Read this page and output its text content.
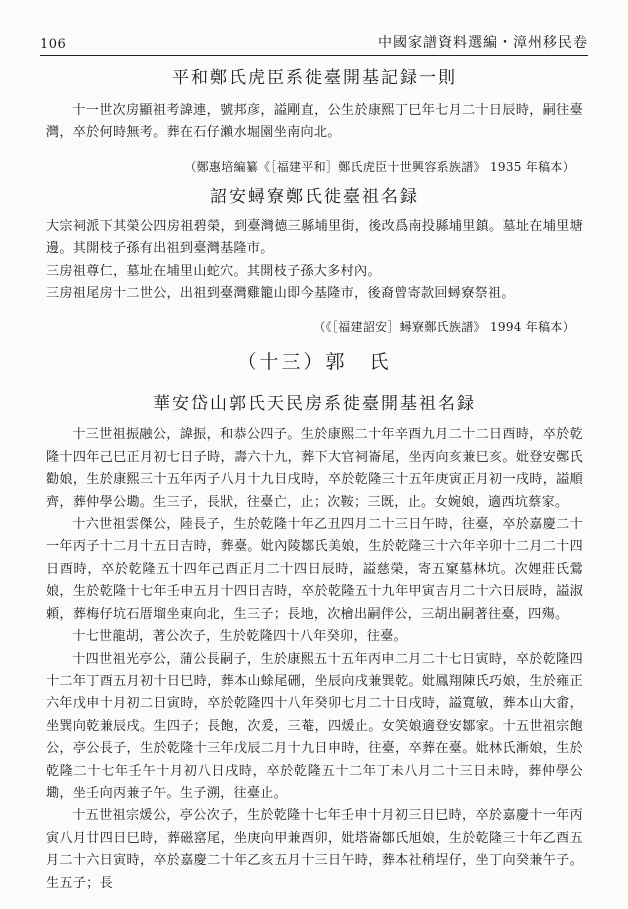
106	中國家譜資料選編・漳州移民卷
平和鄭氏虎臣系徙臺開基記録一則

十一世次房顯祖考諱連，號邦彦，謚剛直，公生於康熙丁巳年七月二十日辰時，嗣往臺灣，卒於何時無考。葬在石仔瀨水堀園坐南向北。

（鄭惠培編纂《［福建平和］鄭氏虎臣十世興容系族譜》 1935 年稿本）
詔安蟳寮鄭氏徙臺祖名録

大宗祠派下其榮公四房祖碧榮，到臺灣德三縣埔里街，後改爲南投縣埔里鎮。墓址在埔里塘邊。其開枝子孫有出祖到臺灣基隆市。

三房祖尊仁，墓址在埔里山蛇穴。其開枝子孫大多村內。

三房祖尾房十二世公，出祖到臺灣雞籠山即今基隆市，後裔曾寄款回蟳寮祭祖。

（《［福建詔安］蟳寮鄭氏族譜》 1994 年稿本）
（十三）郭　氏
華安岱山郭氏天民房系徙臺開基祖名録

十三世祖振融公，諱振，和恭公四子。生於康熙二十年辛酉九月二十二日酉時，卒於乾隆十四年己巳正月初七日子時，壽六十九，葬下大官祠崙尾，坐丙向亥兼巳亥。妣登安鄭氏勸娘，生於康熙三十五年丙子八月十九日戌時，卒於乾隆三十五年庚寅正月初一戌時，謚順齊，葬仲學公墈。生三子，長狀，往臺亡，止；次鞍；三既，止。女婉娘，適西坑蔡家。

十六世祖雲傑公，陸長子，生於乾隆十年乙丑四月二十三日午時，往臺，卒於嘉慶二十一年丙子十二月十五日吉時，葬臺。妣內陵鄒氏美娘，生於乾隆三十六年辛卯十二月二十四日酉時，卒於乾隆五十四年己酉正月二十四日辰時，謚慈榮，寄五窠墓林坑。次娌莊氏鶯娘，生於乾隆十七年壬申五月十四日吉時，卒於乾隆五十九年甲寅吉月二十六日辰時，謚淑頼，葬梅仔坑石厝塯坐東向北，生三子；長地，次檜出嗣伴公，三胡出嗣著往臺，四殤。

十七世龍胡，著公次子，生於乾隆四十八年癸卯，往臺。

十四世祖光亭公，蒲公長嗣子，生於康熙五十五年丙申二月二十七日寅時，卒於乾隆四十二年丁酉五月初十日巳時，葬本山蜍尾硎，坐辰向戌兼巽乾。妣鳳翔陳氏巧娘，生於雍正六年戊申十月初二日寅時，卒於乾隆四十八年癸卯七月二十日戌時，謚寬敏，葬本山大畬，坐巽向乾兼辰戌。生四子；長飽，次爰，三菴，四煖止。女笑娘適登安鄒家。十五世祖宗飽公，亭公長子，生於乾隆十三年戊辰二月十九日申時，往臺，卒葬在臺。妣林氏漸娘，生於乾隆二十七年壬午十月初八日戌時，卒於乾隆五十二年丁未八月二十三日未時，葬仲學公墈，坐壬向丙兼子午。生子溯，往臺止。

十五世祖宗煖公，亭公次子，生於乾隆十七年壬申十月初三日巳時，卒於嘉慶十一年丙寅八月廿四日巳時，葬磁窰尾，坐庚向甲兼酉卯，妣塔崙鄒氏旭娘，生於乾隆三十年乙酉五月二十六日寅時，卒於嘉慶二十年乙亥五月十三日午時，葬本社稍埕仔，坐丁向癸兼午子。生五子；長
